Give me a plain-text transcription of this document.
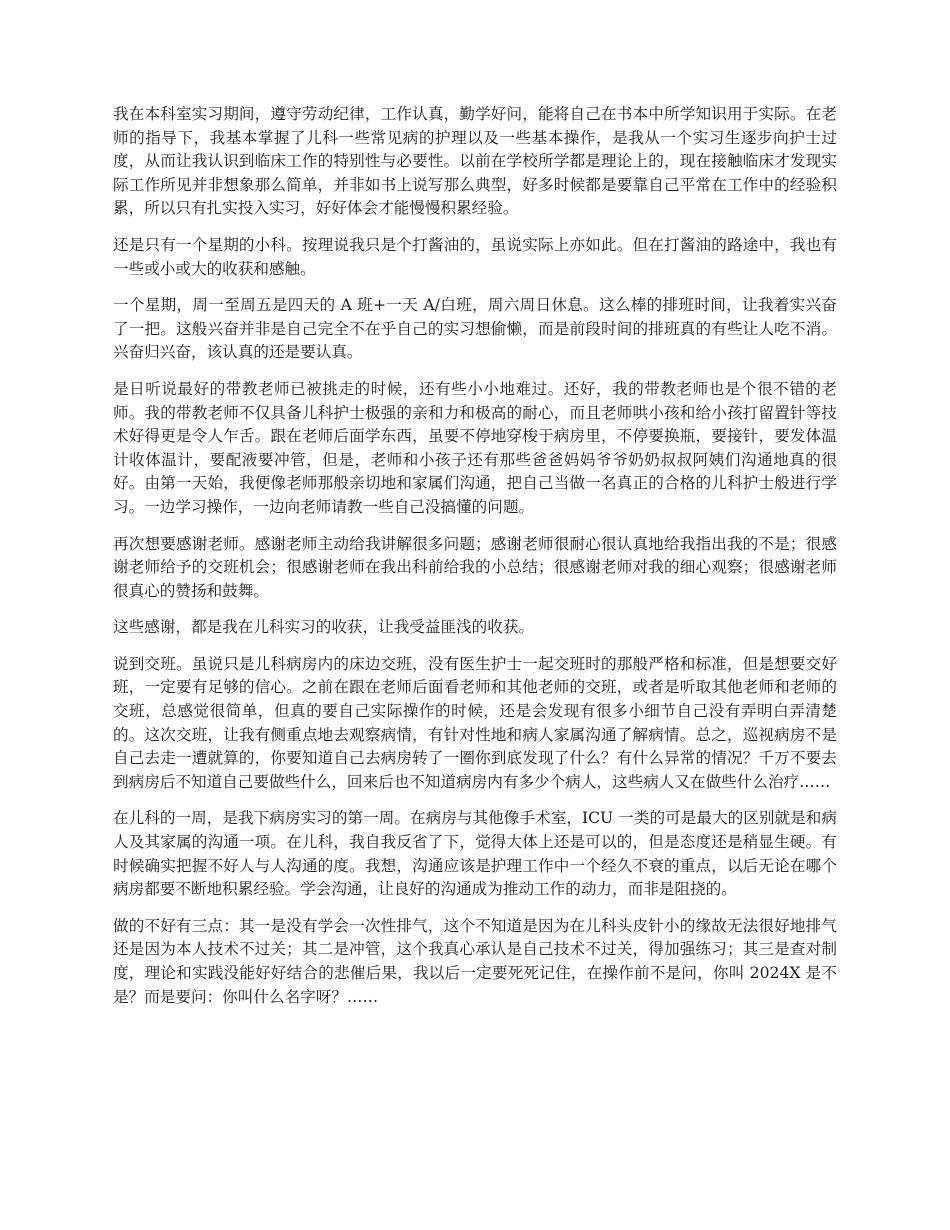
我在本科室实习期间，遵守劳动纪律，工作认真，勤学好问，能将自己在书本中所学知识用于实际。在老师的指导下，我基本掌握了儿科一些常见病的护理以及一些基本操作，是我从一个实习生逐步向护士过度，从而让我认识到临床工作的特别性与必要性。以前在学校所学都是理论上的，现在接触临床才发现实际工作所见并非想象那么简单，并非如书上说写那么典型，好多时候都是要靠自己平常在工作中的经验积累，所以只有扎实投入实习，好好体会才能慢慢积累经验。

还是只有一个星期的小科。按理说我只是个打酱油的，虽说实际上亦如此。但在打酱油的路途中，我也有一些或小或大的收获和感触。

一个星期，周一至周五是四天的 A 班+一天 A/白班，周六周日休息。这么棒的排班时间，让我着实兴奋了一把。这般兴奋并非是自己完全不在乎自己的实习想偷懒，而是前段时间的排班真的有些让人吃不消。兴奋归兴奋，该认真的还是要认真。

是日听说最好的带教老师已被挑走的时候，还有些小小地难过。还好，我的带教老师也是个很不错的老师。我的带教老师不仅具备儿科护士极强的亲和力和极高的耐心，而且老师哄小孩和给小孩打留置针等技术好得更是令人乍舌。跟在老师后面学东西，虽要不停地穿梭于病房里，不停要换瓶，要接针，要发体温计收体温计，要配液要冲管，但是，老师和小孩子还有那些爸爸妈妈爷爷奶奶叔叔阿姨们沟通地真的很好。由第一天始，我便像老师那般亲切地和家属们沟通，把自己当做一名真正的合格的儿科护士般进行学习。一边学习操作，一边向老师请教一些自己没搞懂的问题。

再次想要感谢老师。感谢老师主动给我讲解很多问题；感谢老师很耐心很认真地给我指出我的不是；很感谢老师给予的交班机会；很感谢老师在我出科前给我的小总结；很感谢老师对我的细心观察；很感谢老师很真心的赞扬和鼓舞。

这些感谢，都是我在儿科实习的收获，让我受益匪浅的收获。

说到交班。虽说只是儿科病房内的床边交班，没有医生护士一起交班时的那般严格和标准，但是想要交好班，一定要有足够的信心。之前在跟在老师后面看老师和其他老师的交班，或者是听取其他老师和老师的交班，总感觉很简单，但真的要自己实际操作的时候，还是会发现有很多小细节自己没有弄明白弄清楚的。这次交班，让我有侧重点地去观察病情，有针对性地和病人家属沟通了解病情。总之，巡视病房不是自己去走一遭就算的，你要知道自己去病房转了一圈你到底发现了什么？有什么异常的情况？千万不要去到病房后不知道自己要做些什么，回来后也不知道病房内有多少个病人，这些病人又在做些什么治疗……

在儿科的一周，是我下病房实习的第一周。在病房与其他像手术室，ICU 一类的可是最大的区别就是和病人及其家属的沟通一项。在儿科，我自我反省了下，觉得大体上还是可以的，但是态度还是稍显生硬。有时候确实把握不好人与人沟通的度。我想，沟通应该是护理工作中一个经久不衰的重点，以后无论在哪个病房都要不断地积累经验。学会沟通，让良好的沟通成为推动工作的动力，而非是阻挠的。

做的不好有三点：其一是没有学会一次性排气，这个不知道是因为在儿科头皮针小的缘故无法很好地排气还是因为本人技术不过关；其二是冲管，这个我真心承认是自己技术不过关，得加强练习；其三是查对制度，理论和实践没能好好结合的悲催后果，我以后一定要死死记住，在操作前不是问，你叫 2024X 是不是？而是要问：你叫什么名字呀？……
